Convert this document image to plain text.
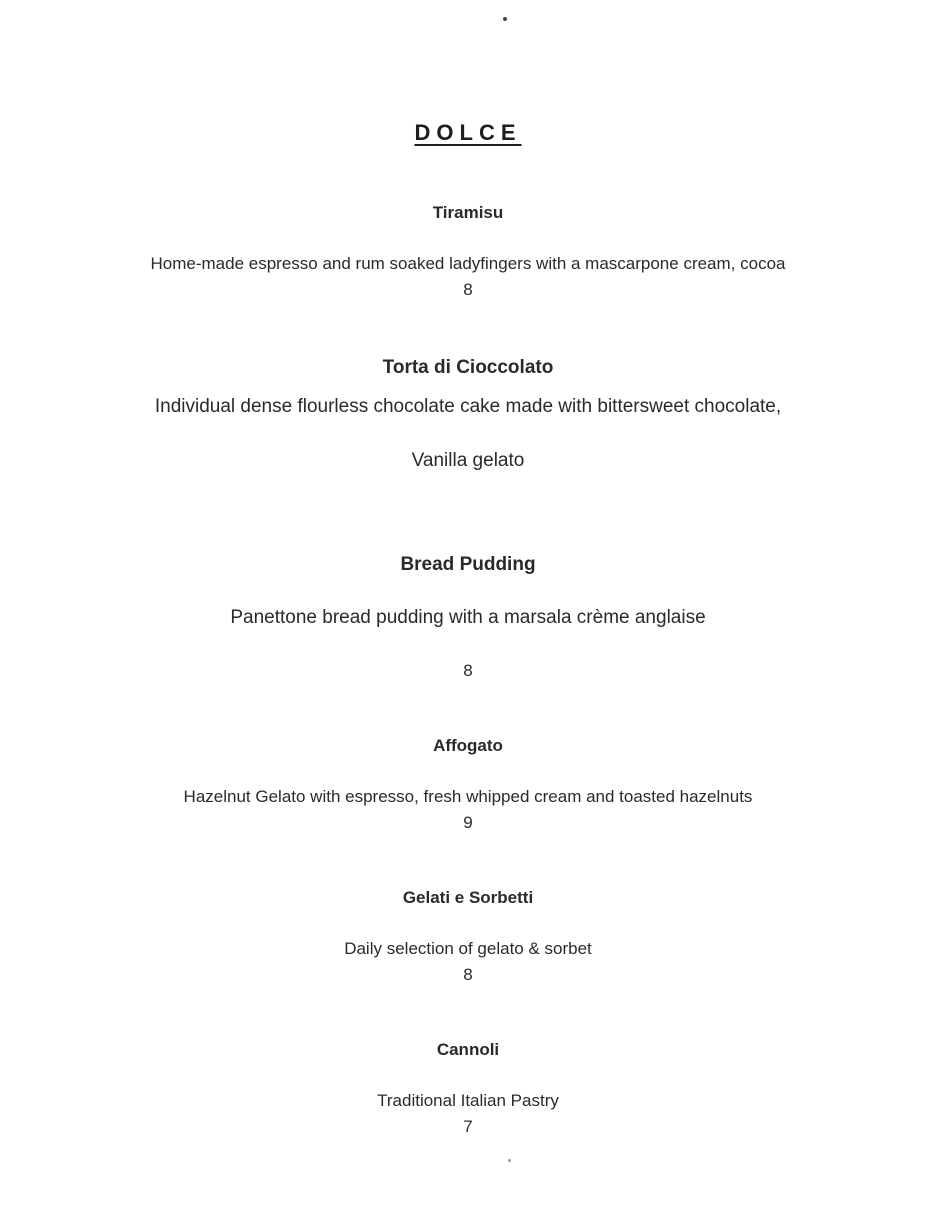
DOLCE
Tiramisu
Home-made espresso and rum soaked ladyfingers with a mascarpone cream, cocoa
8
Torta di Cioccolato
Individual dense flourless chocolate cake made with bittersweet chocolate,
Vanilla gelato
Bread Pudding
Panettone bread pudding with a marsala crème anglaise
8
Affogato
Hazelnut Gelato with espresso, fresh whipped cream and toasted hazelnuts
9
Gelati e Sorbetti
Daily selection of gelato & sorbet
8
Cannoli
Traditional Italian Pastry
7
